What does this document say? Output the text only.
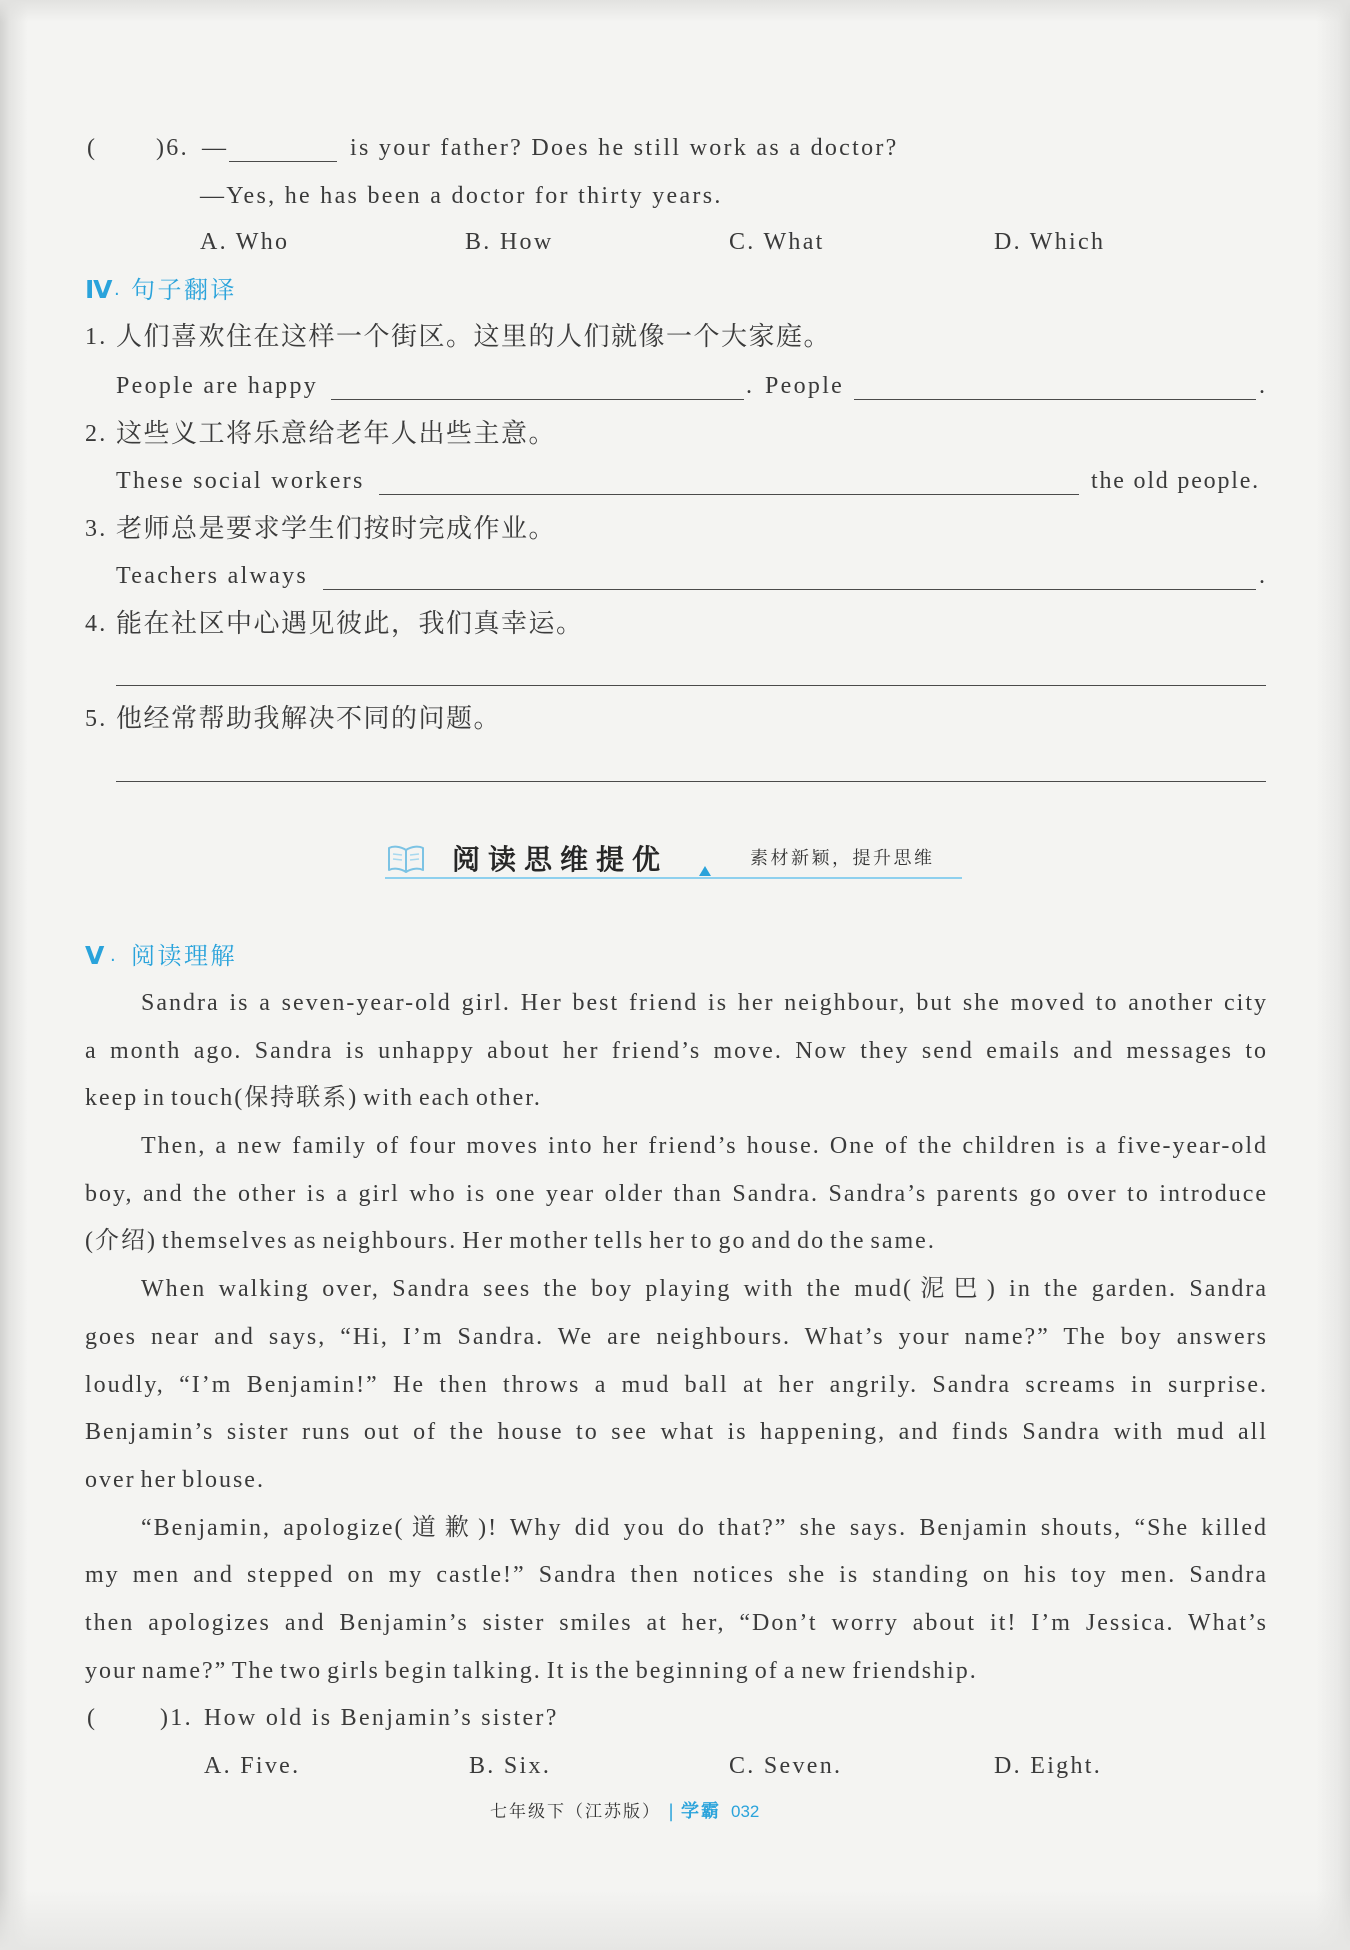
( )6. —	is your father? Does he still work as a doctor?
—Yes, he has been a doctor for thirty years.
A. Who	B. How	C. What	D. Which
Ⅳ . 句子翻译
1. 人们喜欢住在这样一个街区。这里的人们就像一个大家庭。
People are happy	. People	.
2. 这些义工将乐意给老年人出些主意。
These social workers	the old people.
3. 老师总是要求学生们按时完成作业。
Teachers always	.
4. 能在社区中心遇见彼此，我们真幸运。
5. 他经常帮助我解决不同的问题。
阅读思维提优	素材新颖，提升思维
Ⅴ . 阅读理解
Sandra is a seven-year-old girl. Her best friend is her neighbour, but she moved to another city
a month ago. Sandra is unhappy about her friend’s move. Now they send emails and messages to
keep in touch(保持联系) with each other.
Then, a new family of four moves into her friend’s house. One of the children is a five-year-old
boy, and the other is a girl who is one year older than Sandra. Sandra’s parents go over to introduce
(介绍) themselves as neighbours. Her mother tells her to go and do the same.
When walking over, Sandra sees the boy playing with the mud(泥巴) in the garden. Sandra
goes near and says, “Hi, I’m Sandra. We are neighbours. What’s your name?” The boy answers
loudly, “I’m Benjamin!” He then throws a mud ball at her angrily. Sandra screams in surprise.
Benjamin’s sister runs out of the house to see what is happening, and finds Sandra with mud all
over her blouse.
“Benjamin, apologize(道歉)! Why did you do that?” she says. Benjamin shouts, “She killed
my men and stepped on my castle!” Sandra then notices she is standing on his toy men. Sandra
then apologizes and Benjamin’s sister smiles at her, “Don’t worry about it! I’m Jessica. What’s
your name?” The two girls begin talking. It is the beginning of a new friendship.
(	)1. How old is Benjamin’s sister?
A. Five.	B. Six.	C. Seven.	D. Eight.
七年级下（江苏版） | 学霸 032
